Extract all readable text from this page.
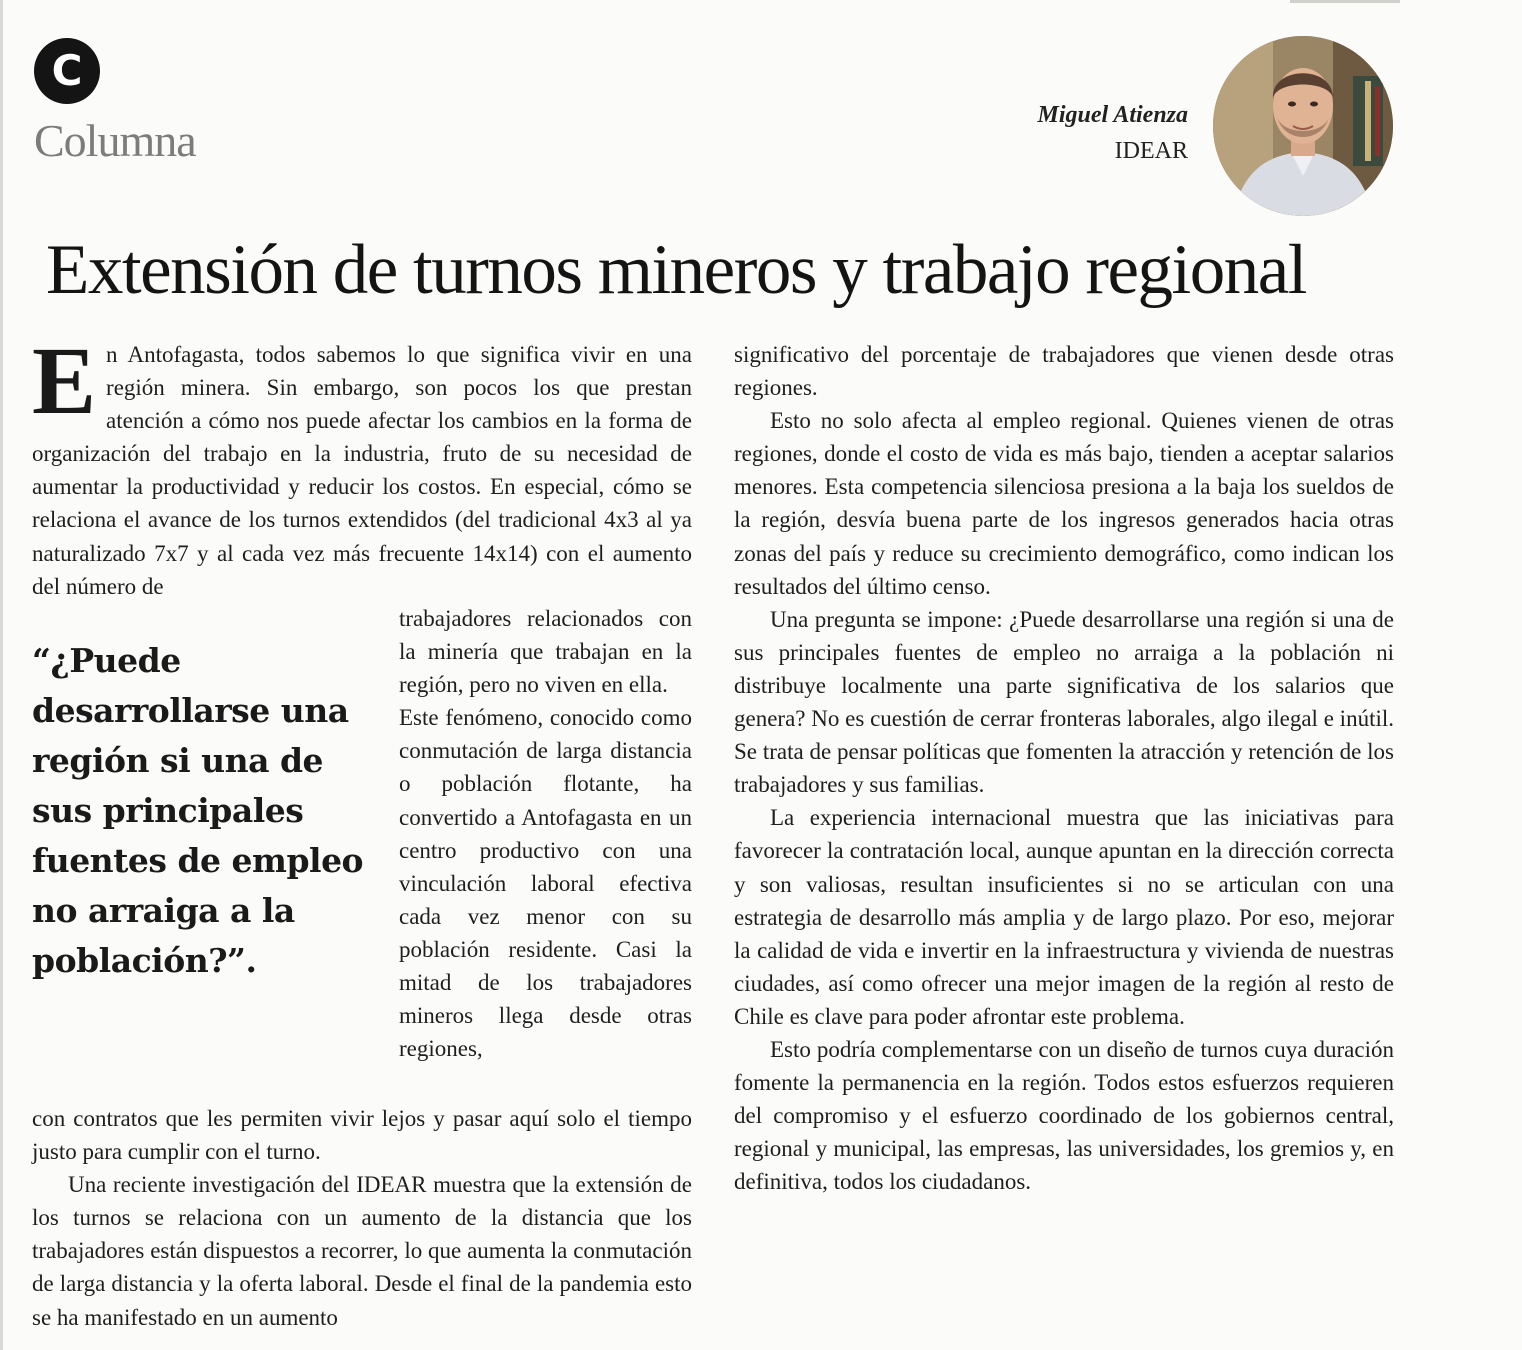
C
Columna	Miguel Atienza
IDEAR
Extensión de turnos mineros y trabajo regional

En Antofagasta, todos sabemos lo que significa vivir en una región minera. Sin embargo, son pocos los que prestan atención a cómo nos puede afectar los cambios en la forma de organización del trabajo en la industria, fruto de su necesidad de aumentar la productividad y reducir los costos. En especial, cómo se relaciona el avance de los turnos extendidos (del tradicional 4x3 al ya naturalizado 7x7 y al cada vez más frecuente 14x14) con el aumento del número de

“¿Puede desarrollarse una región si una de sus principales fuentes de empleo no arraiga a la población?”.

trabajadores relacionados con la minería que trabajan en la región, pero no viven en ella.

Este fenómeno, conocido como conmutación de larga distancia o población flotante, ha convertido a Antofagasta en un centro productivo con una vinculación laboral efectiva cada vez menor con su población residente. Casi la mitad de los trabajadores mineros llega desde otras regiones,

con contratos que les permiten vivir lejos y pasar aquí solo el tiempo justo para cumplir con el turno.

Una reciente investigación del IDEAR muestra que la extensión de los turnos se relaciona con un aumento de la distancia que los trabajadores están dispuestos a recorrer, lo que aumenta la conmutación de larga distancia y la oferta laboral. Desde el final de la pandemia esto se ha manifestado en un aumento

significativo del porcentaje de trabajadores que vienen desde otras regiones.

Esto no solo afecta al empleo regional. Quienes vienen de otras regiones, donde el costo de vida es más bajo, tienden a aceptar salarios menores. Esta competencia silenciosa presiona a la baja los sueldos de la región, desvía buena parte de los ingresos generados hacia otras zonas del país y reduce su crecimiento demográfico, como indican los resultados del último censo.

Una pregunta se impone: ¿Puede desarrollarse una región si una de sus principales fuentes de empleo no arraiga a la población ni distribuye localmente una parte significativa de los salarios que genera? No es cuestión de cerrar fronteras laborales, algo ilegal e inútil. Se trata de pensar políticas que fomenten la atracción y retención de los trabajadores y sus familias.

La experiencia internacional muestra que las iniciativas para favorecer la contratación local, aunque apuntan en la dirección correcta y son valiosas, resultan insuficientes si no se articulan con una estrategia de desarrollo más amplia y de largo plazo. Por eso, mejorar la calidad de vida e invertir en la infraestructura y vivienda de nuestras ciudades, así como ofrecer una mejor imagen de la región al resto de Chile es clave para poder afrontar este problema.

Esto podría complementarse con un diseño de turnos cuya duración fomente la permanencia en la región. Todos estos esfuerzos requieren del compromiso y el esfuerzo coordinado de los gobiernos central, regional y municipal, las empresas, las universidades, los gremios y, en definitiva, todos los ciudadanos.
